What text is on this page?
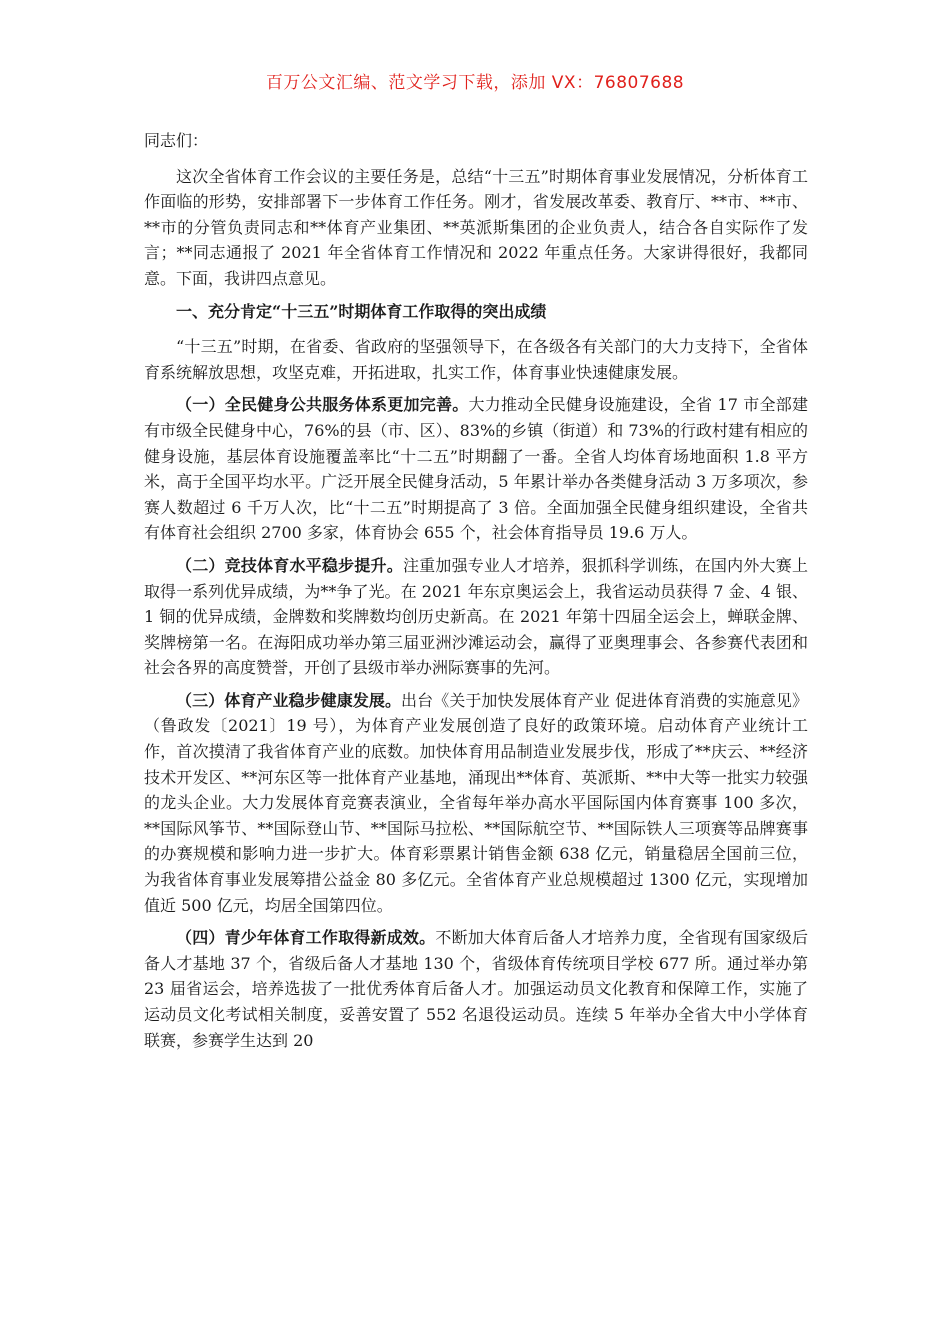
百万公文汇编、范文学习下载，添加 VX：76807688

同志们：

这次全省体育工作会议的主要任务是，总结“十三五”时期体育事业发展情况，分析体育工作面临的形势，安排部署下一步体育工作任务。刚才，省发展改革委、教育厅、**市、**市、**市的分管负责同志和**体育产业集团、**英派斯集团的企业负责人，结合各自实际作了发言；**同志通报了 2021 年全省体育工作情况和 2022 年重点任务。大家讲得很好，我都同意。下面，我讲四点意见。

一、充分肯定“十三五”时期体育工作取得的突出成绩

“十三五”时期，在省委、省政府的坚强领导下，在各级各有关部门的大力支持下，全省体育系统解放思想，攻坚克难，开拓进取，扎实工作，体育事业快速健康发展。

（一）全民健身公共服务体系更加完善。大力推动全民健身设施建设，全省 17 市全部建有市级全民健身中心，76%的县（市、区）、83%的乡镇（街道）和 73%的行政村建有相应的健身设施，基层体育设施覆盖率比“十二五”时期翻了一番。全省人均体育场地面积 1.8 平方米，高于全国平均水平。广泛开展全民健身活动，5 年累计举办各类健身活动 3 万多项次，参赛人数超过 6 千万人次，比“十二五”时期提高了 3 倍。全面加强全民健身组织建设，全省共有体育社会组织 2700 多家，体育协会 655 个，社会体育指导员 19.6 万人。

（二）竞技体育水平稳步提升。注重加强专业人才培养，狠抓科学训练，在国内外大赛上取得一系列优异成绩，为**争了光。在 2021 年东京奥运会上，我省运动员获得 7 金、4 银、1 铜的优异成绩，金牌数和奖牌数均创历史新高。在 2021 年第十四届全运会上，蝉联金牌、奖牌榜第一名。在海阳成功举办第三届亚洲沙滩运动会，赢得了亚奥理事会、各参赛代表团和社会各界的高度赞誉，开创了县级市举办洲际赛事的先河。

（三）体育产业稳步健康发展。出台《关于加快发展体育产业 促进体育消费的实施意见》（鲁政发〔2021〕19 号），为体育产业发展创造了良好的政策环境。启动体育产业统计工作，首次摸清了我省体育产业的底数。加快体育用品制造业发展步伐，形成了**庆云、**经济技术开发区、**河东区等一批体育产业基地，涌现出**体育、英派斯、**中大等一批实力较强的龙头企业。大力发展体育竞赛表演业，全省每年举办高水平国际国内体育赛事 100 多次，**国际风筝节、**国际登山节、**国际马拉松、**国际航空节、**国际铁人三项赛等品牌赛事的办赛规模和影响力进一步扩大。体育彩票累计销售金额 638 亿元，销量稳居全国前三位，为我省体育事业发展筹措公益金 80 多亿元。全省体育产业总规模超过 1300 亿元，实现增加值近 500 亿元，均居全国第四位。

（四）青少年体育工作取得新成效。不断加大体育后备人才培养力度，全省现有国家级后备人才基地 37 个，省级后备人才基地 130 个，省级体育传统项目学校 677 所。通过举办第 23 届省运会，培养选拔了一批优秀体育后备人才。加强运动员文化教育和保障工作，实施了运动员文化考试相关制度，妥善安置了 552 名退役运动员。连续 5 年举办全省大中小学体育联赛，参赛学生达到 20
